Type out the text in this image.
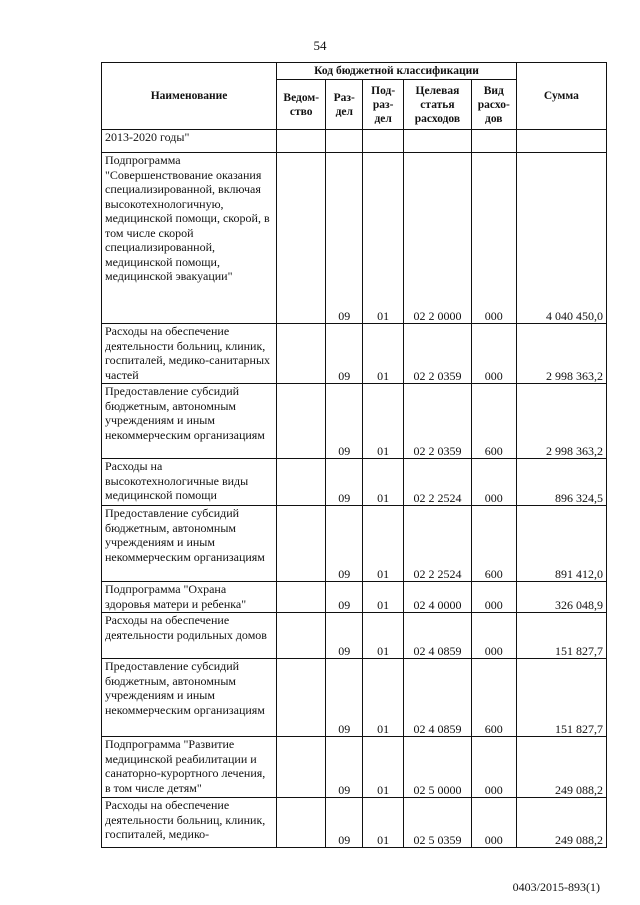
54
Наименование	Код бюджетной классификации					Сумма
	Ведом-ство	Раз-дел	Под-раз-дел	Целевая статья расходов	Вид расхо-дов	
2013-2020 годы"						
Подпрограмма "Совершенствование оказания специализированной, включая высокотехнологичную, медицинской помощи, скорой, в том числе скорой специализированной, медицинской помощи, медицинской эвакуации"		09	01	02 2 0000	000	4 040 450,0
Расходы на обеспечение деятельности больниц, клиник, госпиталей, медико-санитарных частей		09	01	02 2 0359	000	2 998 363,2
Предоставление субсидий бюджетным, автономным учреждениям и иным некоммерческим организациям		09	01	02 2 0359	600	2 998 363,2
Расходы на высокотехнологичные виды медицинской помощи		09	01	02 2 2524	000	896 324,5
Предоставление субсидий бюджетным, автономным учреждениям и иным некоммерческим организациям		09	01	02 2 2524	600	891 412,0
Подпрограмма "Охрана здоровья матери и ребенка"		09	01	02 4 0000	000	326 048,9
Расходы на обеспечение деятельности родильных домов		09	01	02 4 0859	000	151 827,7
Предоставление субсидий бюджетным, автономным учреждениям и иным некоммерческим организациям		09	01	02 4 0859	600	151 827,7
Подпрограмма "Развитие медицинской реабилитации и санаторно-курортного лечения, в том числе детям"		09	01	02 5 0000	000	249 088,2
Расходы на обеспечение деятельности больниц, клиник, госпиталей, медико-		09	01	02 5 0359	000	249 088,2
0403/2015-893(1)
